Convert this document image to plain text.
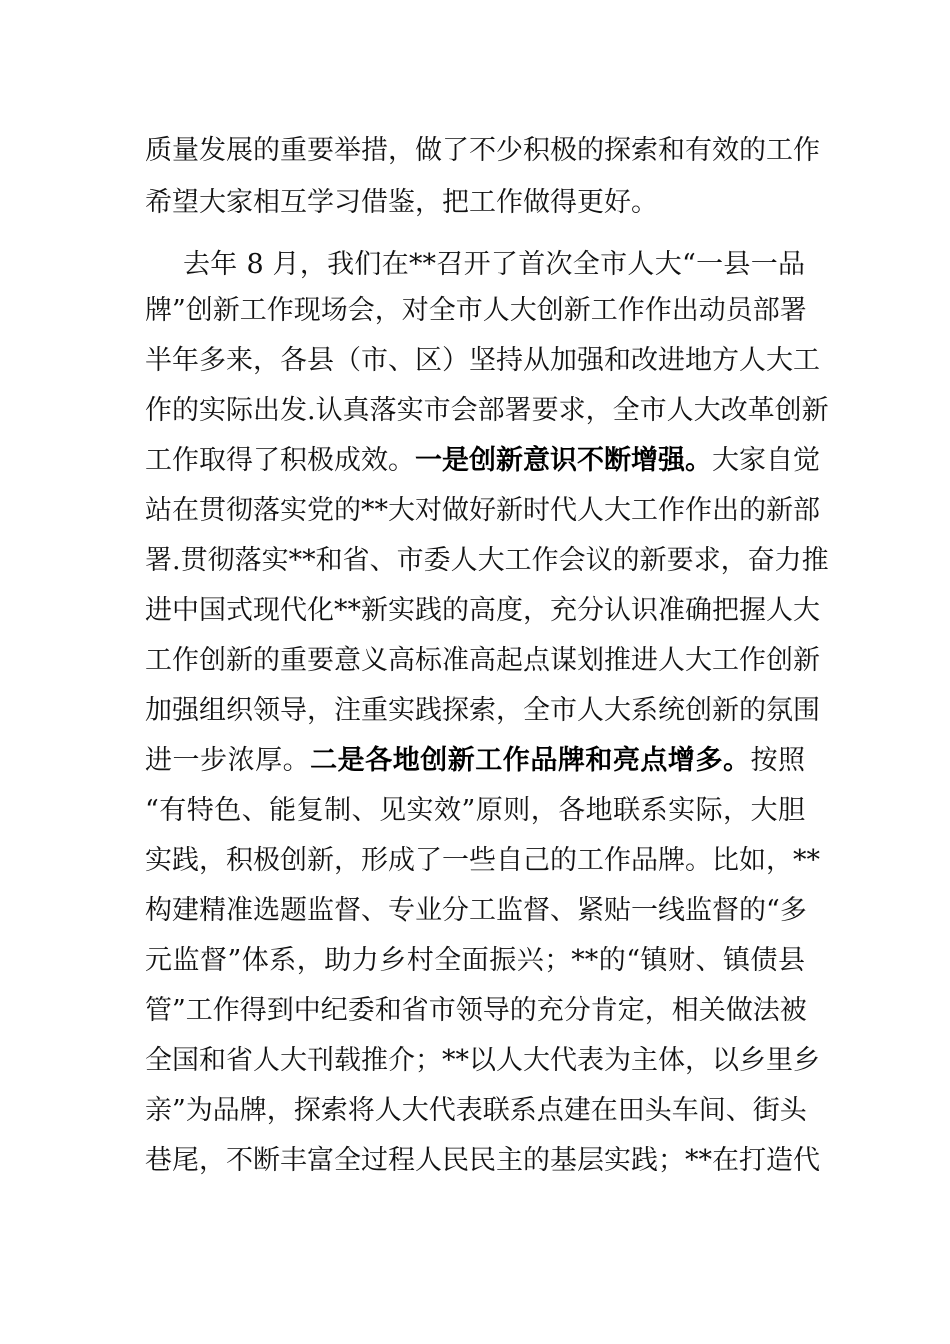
质量发展的重要举措，做了不少积极的探索和有效的工作
希望大家相互学习借鉴，把工作做得更好。
去年 8 月，我们在**召开了首次全市人大“一县一品
牌”创新工作现场会，对全市人大创新工作作出动员部署
半年多来，各县（市、区）坚持从加强和改进地方人大工
作的实际出发.认真落实市会部署要求，全市人大改革创新
工作取得了积极成效。一是创新意识不断增强。大家自觉
站在贯彻落实党的**大对做好新时代人大工作作出的新部
署.贯彻落实**和省、市委人大工作会议的新要求，奋力推
进中国式现代化**新实践的高度，充分认识准确把握人大
工作创新的重要意义高标准高起点谋划推进人大工作创新
加强组织领导，注重实践探索，全市人大系统创新的氛围
进一步浓厚。二是各地创新工作品牌和亮点增多。按照
“有特色、能复制、见实效”原则，各地联系实际，大胆
实践，积极创新，形成了一些自己的工作品牌。比如，**
构建精准选题监督、专业分工监督、紧贴一线监督的“多
元监督”体系，助力乡村全面振兴；**的“镇财、镇债县
管”工作得到中纪委和省市领导的充分肯定，相关做法被
全国和省人大刊载推介；**以人大代表为主体，以乡里乡
亲”为品牌，探索将人大代表联系点建在田头车间、街头
巷尾，不断丰富全过程人民民主的基层实践；**在打造代
